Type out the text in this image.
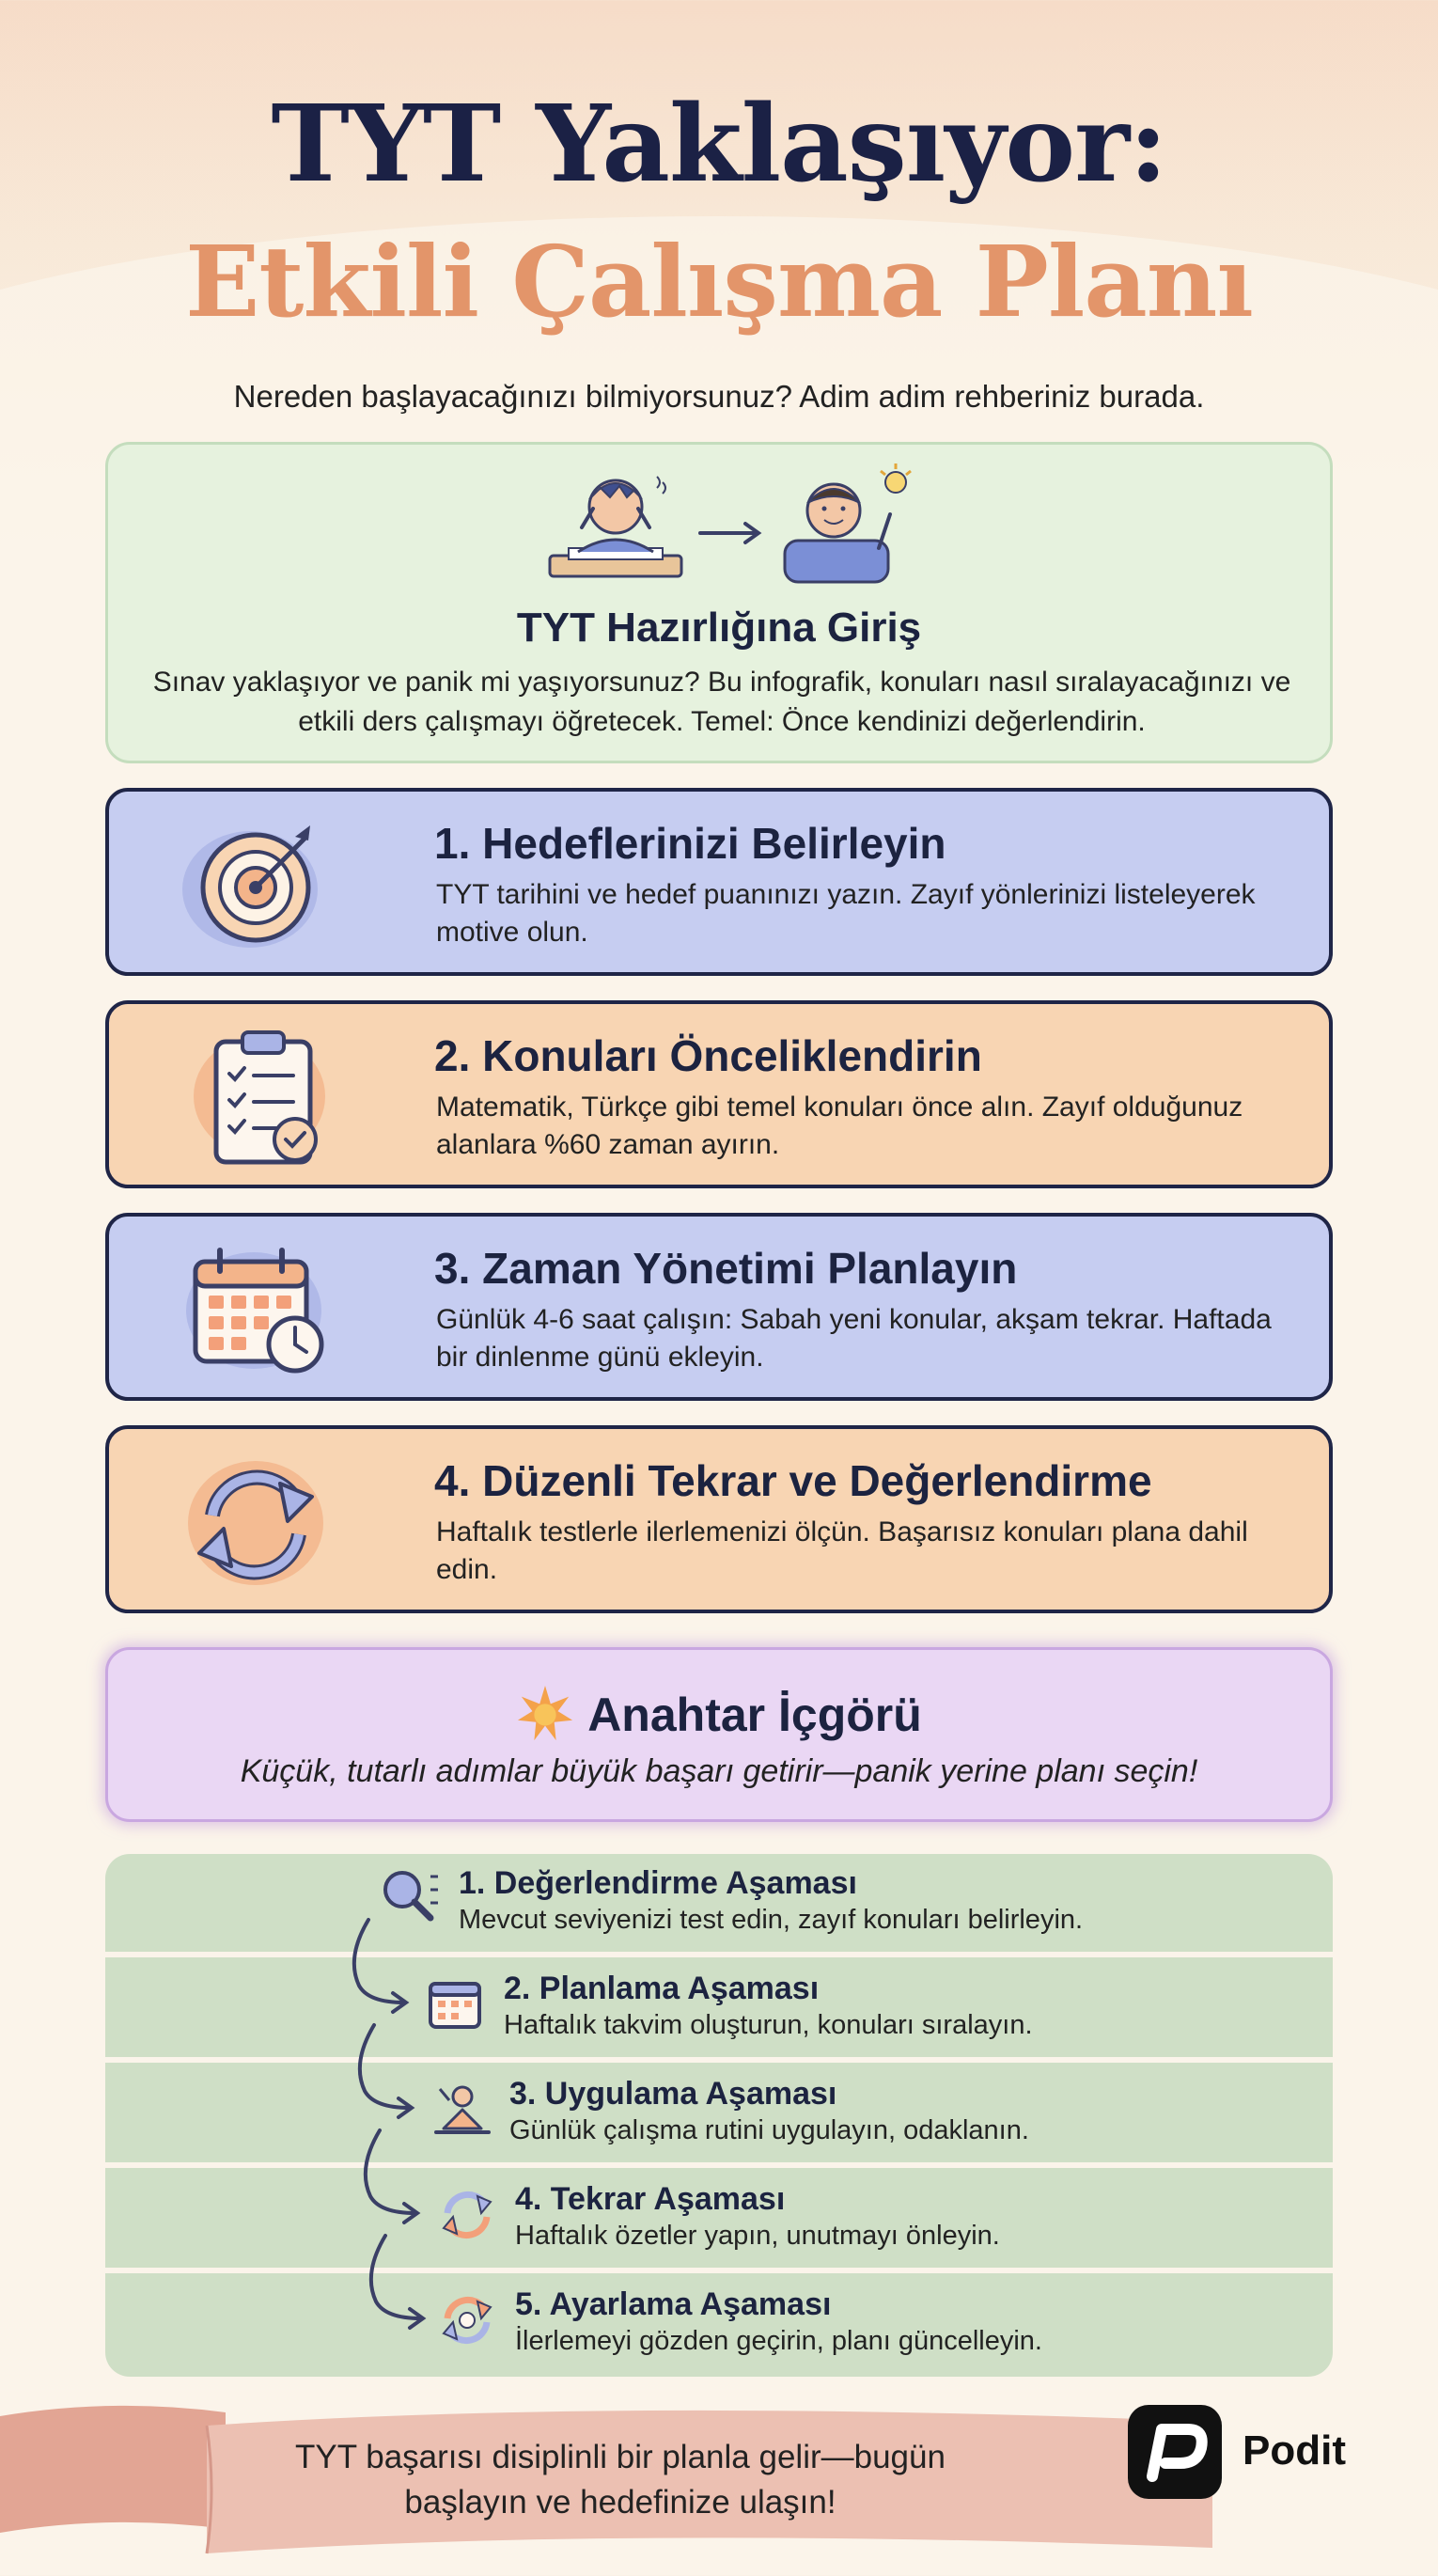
TYT Yaklaşıyor:
Etkili Çalışma Planı
Nereden başlayacağınızı bilmiyorsunuz? Adim adim rehberiniz burada.
TYT Hazırlığına Giriş
Sınav yaklaşıyor ve panik mi yaşıyorsunuz? Bu infografik, konuları nasıl sıralayacağınızı ve etkili ders çalışmayı öğretecek. Temel: Önce kendinizi değerlendirin.
1. Hedeflerinizi Belirleyin
TYT tarihini ve hedef puanınızı yazın. Zayıf yönlerinizi listeleyerek motive olun.
2. Konuları Önceliklendirin
Matematik, Türkçe gibi temel konuları önce alın. Zayıf olduğunuz alanlara %60 zaman ayırın.
3. Zaman Yönetimi Planlayın
Günlük 4-6 saat çalışın: Sabah yeni konular, akşam tekrar. Haftada bir dinlenme günü ekleyin.
4. Düzenli Tekrar ve Değerlendirme
Haftalık testlerle ilerlemenizi ölçün. Başarısız konuları plana dahil edin.
Anahtar İçgörü
Küçük, tutarlı adımlar büyük başarı getirir—panik yerine planı seçin!
1. Değerlendirme Aşaması
Mevcut seviyenizi test edin, zayıf konuları belirleyin.
2. Planlama Aşaması
Haftalık takvim oluşturun, konuları sıralayın.
3. Uygulama Aşaması
Günlük çalışma rutini uygulayın, odaklanın.
4. Tekrar Aşaması
Haftalık özetler yapın, unutmayı önleyin.
5. Ayarlama Aşaması
İlerlemeyi gözden geçirin, planı güncelleyin.
TYT başarısı disiplinli bir planla gelir—bugün başlayın ve hedefinize ulaşın!
Podit
